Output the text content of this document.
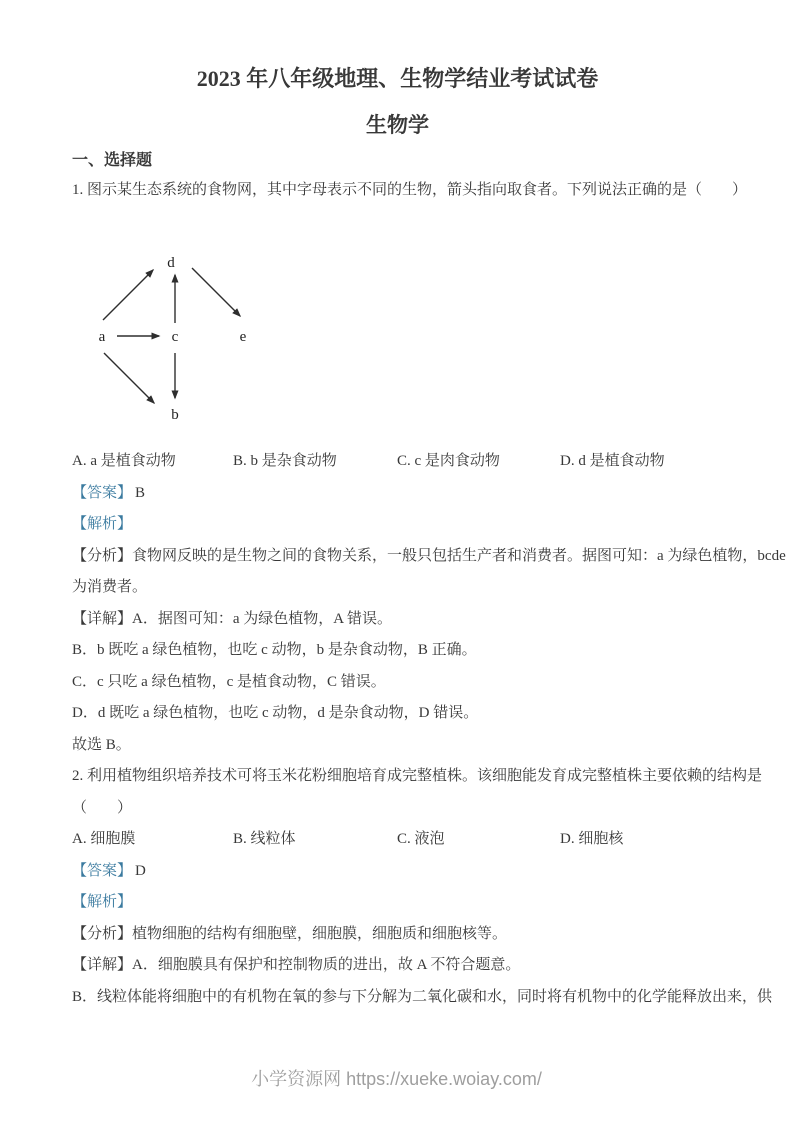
2023 年八年级地理、生物学结业考试试卷
生物学
一、选择题

1. 图示某生态系统的食物网，其中字母表示不同的生物，箭头指向取食者。下列说法正确的是（　　）

a
b
c
d
e

A. a 是植食动物	B. b 是杂食动物	C. c 是肉食动物	D. d 是植食动物

【答案】 B

【解析】

【分析】食物网反映的是生物之间的食物关系，一般只包括生产者和消费者。据图可知：a 为绿色植物，bcde

为消费者。

【详解】A．据图可知：a 为绿色植物，A 错误。

B．b 既吃 a 绿色植物，也吃 c 动物，b 是杂食动物，B 正确。

C．c 只吃 a 绿色植物，c 是植食动物，C 错误。

D．d 既吃 a 绿色植物，也吃 c 动物，d 是杂食动物，D 错误。

故选 B。

2. 利用植物组织培养技术可将玉米花粉细胞培育成完整植株。该细胞能发育成完整植株主要依赖的结构是

（　　）

A. 细胞膜	B. 线粒体	C. 液泡	D. 细胞核

【答案】 D

【解析】

【分析】植物细胞的结构有细胞壁，细胞膜，细胞质和细胞核等。

【详解】A．细胞膜具有保护和控制物质的进出，故 A 不符合题意。

B．线粒体能将细胞中的有机物在氧的参与下分解为二氧化碳和水，同时将有机物中的化学能释放出来，供

小学资源网 https://xueke.woiay.com/
